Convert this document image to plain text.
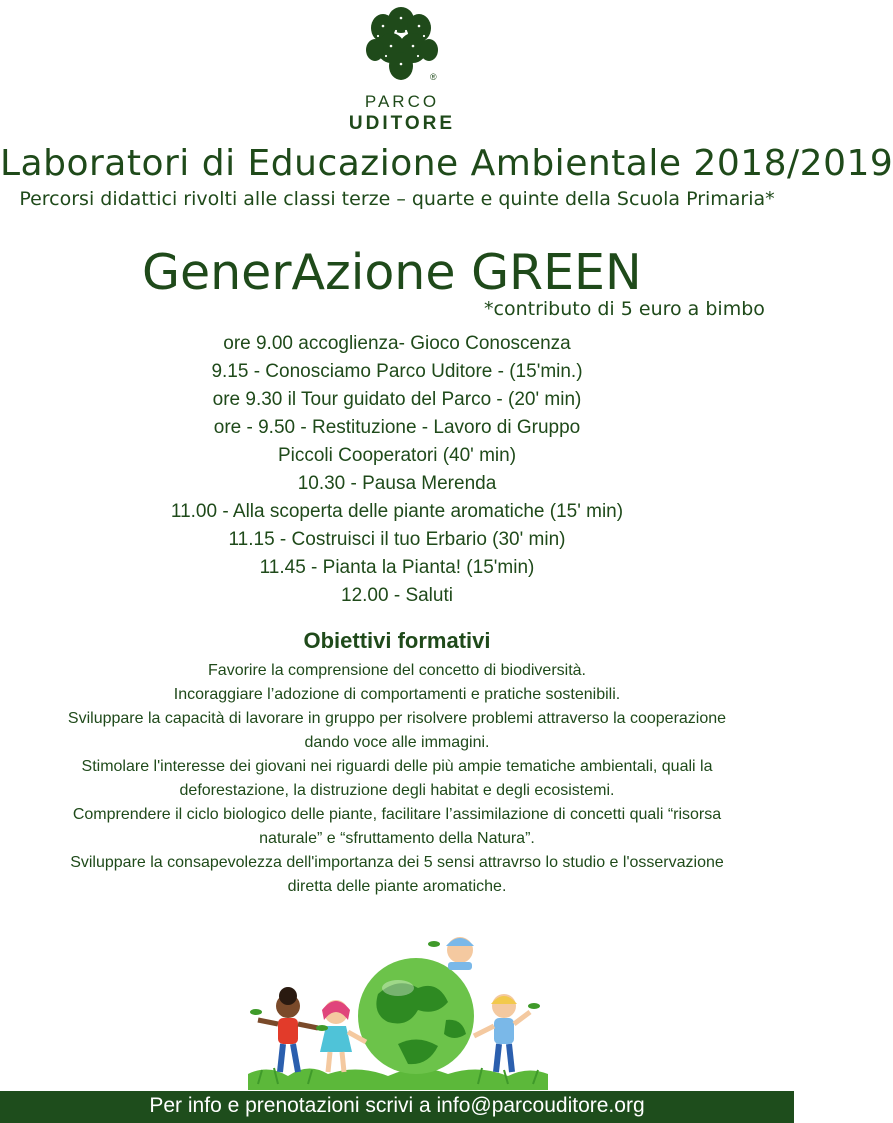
®
PARCO
UDITORE
Laboratori di Educazione Ambientale 2018/2019
Percorsi didattici rivolti alle classi terze – quarte e quinte della Scuola Primaria*
GenerAzione GREEN
*contributo di 5 euro a bimbo
ore 9.00 accoglienza- Gioco Conoscenza
9.15 - Conosciamo Parco Uditore - (15'min.)
ore 9.30 il Tour guidato del Parco - (20' min)
ore - 9.50 - Restituzione - Lavoro di Gruppo
Piccoli Cooperatori (40' min)
10.30 - Pausa Merenda
11.00 - Alla scoperta delle piante aromatiche (15' min)
11.15 - Costruisci il tuo Erbario (30' min)
11.45 - Pianta la Pianta! (15'min)
12.00 - Saluti
Obiettivi formativi
Favorire la comprensione del concetto di biodiversità.
Incoraggiare l’adozione di comportamenti e pratiche sostenibili.
Sviluppare la capacità di lavorare in gruppo per risolvere problemi attraverso la cooperazione
dando voce alle immagini.
Stimolare l'interesse dei giovani nei riguardi delle più ampie tematiche ambientali, quali la
deforestazione, la distruzione degli habitat e degli ecosistemi.
Comprendere il ciclo biologico delle piante, facilitare l’assimilazione di concetti quali “risorsa
naturale” e “sfruttamento della Natura”.
Sviluppare la consapevolezza dell'importanza dei 5 sensi attravrso lo studio e l'osservazione
diretta delle piante aromatiche.
Per info e prenotazioni scrivi a info@parcouditore.org
